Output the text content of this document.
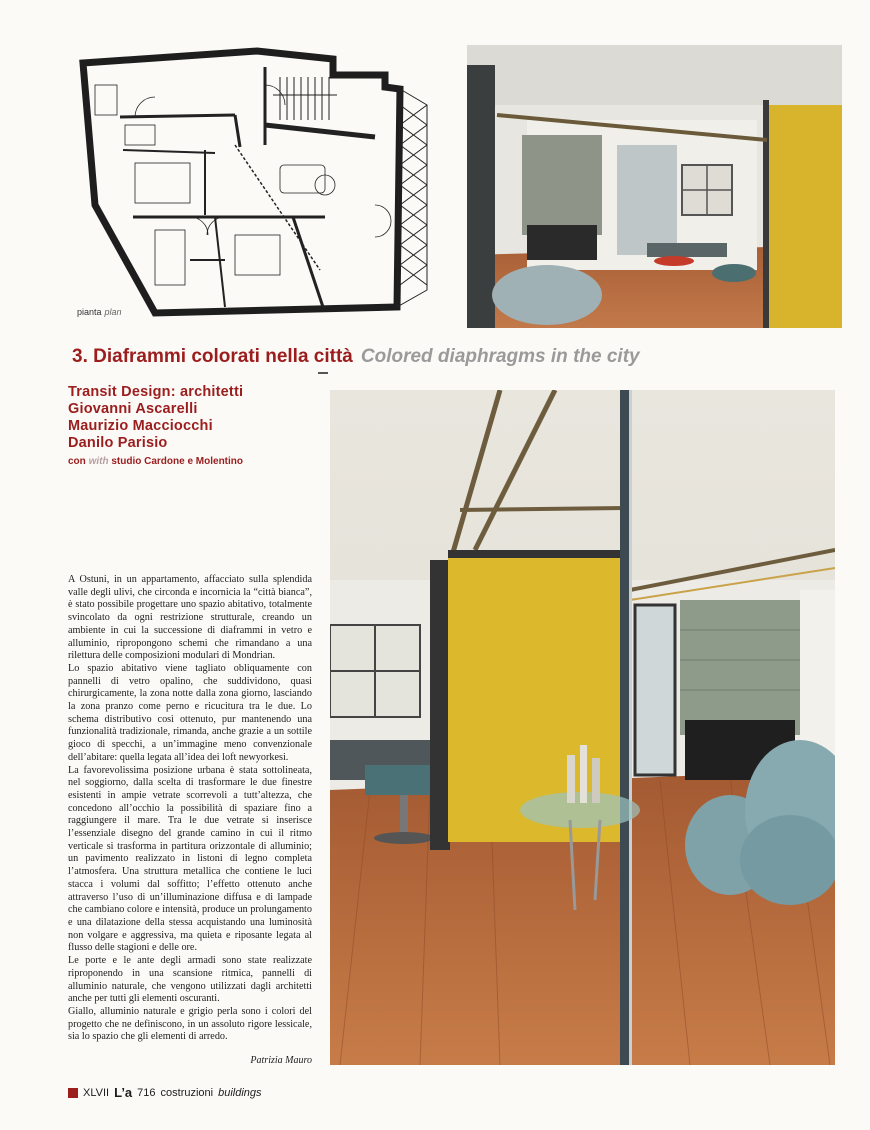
pianta plan
3. Diaframmi colorati nella città Colored diaphragms in the city
Transit Design: architetti
Giovanni Ascarelli
Maurizio Macciocchi
Danilo Parisio
con with studio Cardone e Molentino

A Ostuni, in un appartamento, affacciato sulla splendida valle degli ulivi, che circonda e incornicia la “città bianca”, è stato possibile progettare uno spazio abitativo, totalmente svincolato da ogni restrizione strutturale, creando un ambiente in cui la successione di diaframmi in vetro e alluminio, ripropongono schemi che rimandano a una rilettura delle composizioni modulari di Mondrian.

Lo spazio abitativo viene tagliato obliquamente con pannelli di vetro opalino, che suddividono, quasi chirurgicamente, la zona notte dalla zona giorno, lasciando la zona pranzo come perno e ricucitura tra le due. Lo schema distributivo così ottenuto, pur mantenendo una funzionalità tradizionale, rimanda, anche grazie a un sottile gioco di specchi, a un’immagine meno convenzionale dell’abitare: quella legata all’idea dei loft newyorkesi.

La favorevolissima posizione urbana è stata sottolineata, nel soggiorno, dalla scelta di trasformare le due finestre esistenti in ampie vetrate scorrevoli a tutt’altezza, che concedono all’occhio la possibilità di spaziare fino a raggiungere il mare. Tra le due vetrate si inserisce l’essenziale disegno del grande camino in cui il ritmo verticale si trasforma in partitura orizzontale di alluminio; un pavimento realizzato in listoni di legno completa l’atmosfera. Una struttura metallica che contiene le luci stacca i volumi dal soffitto; l’effetto ottenuto anche attraverso l’uso di un’illuminazione diffusa e di lampade che cambiano colore e intensità, produce un prolungamento e una dilatazione della stessa acquistando una luminosità non volgare e aggressiva, ma quieta e riposante legata al flusso delle stagioni e delle ore.

Le porte e le ante degli armadi sono state realizzate riproponendo in una scansione ritmica, pannelli di alluminio naturale, che vengono utilizzati dagli architetti anche per tutti gli elementi oscuranti.

Giallo, alluminio naturale e grigio perla sono i colori del progetto che ne definiscono, in un assoluto rigore lessicale, sia lo spazio che gli elementi di arredo.

Patrizia Mauro
XLVII L’a 716 costruzioni buildings
